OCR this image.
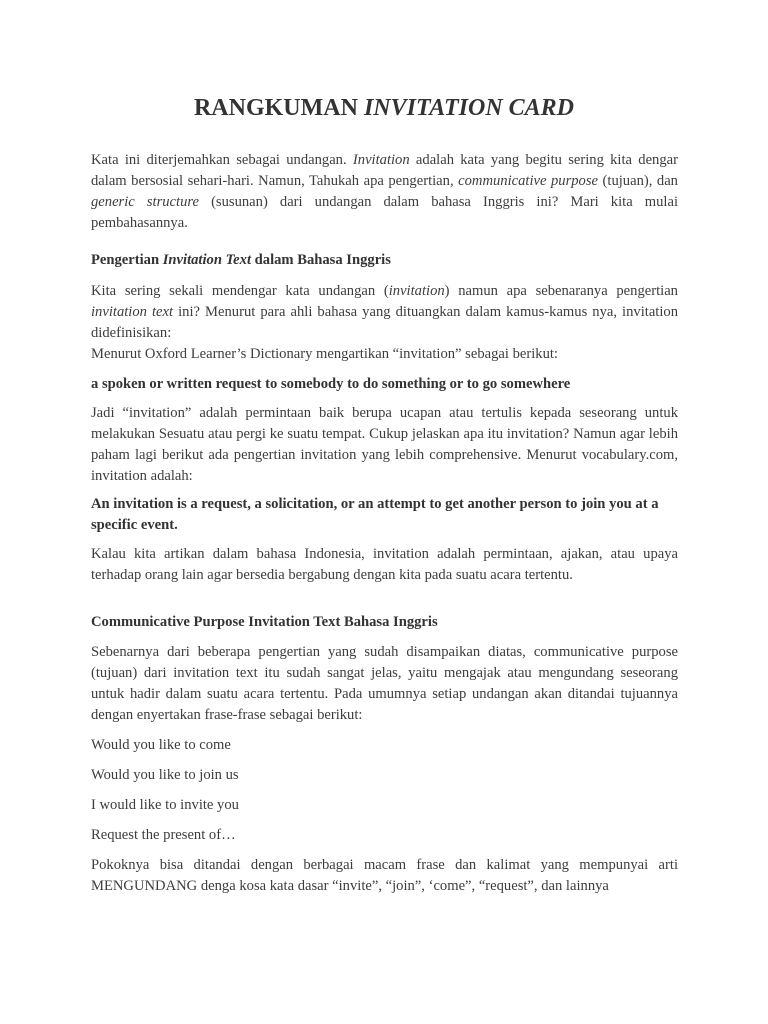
RANGKUMAN INVITATION CARD

Kata ini diterjemahkan sebagai undangan. Invitation adalah kata yang begitu sering kita dengar dalam bersosial sehari-hari. Namun, Tahukah apa pengertian, communicative purpose (tujuan), dan generic structure (susunan) dari undangan dalam bahasa Inggris ini? Mari kita mulai pembahasannya.

Pengertian Invitation Text dalam Bahasa Inggris

Kita sering sekali mendengar kata undangan (invitation) namun apa sebenaranya pengertian invitation text ini? Menurut para ahli bahasa yang dituangkan dalam kamus-kamus nya, invitation didefinisikan:

Menurut Oxford Learner’s Dictionary mengartikan “invitation” sebagai berikut:

a spoken or written request to somebody to do something or to go somewhere

Jadi “invitation” adalah permintaan baik berupa ucapan atau tertulis kepada seseorang untuk melakukan Sesuatu atau pergi ke suatu tempat. Cukup jelaskan apa itu invitation? Namun agar lebih paham lagi berikut ada pengertian invitation yang lebih comprehensive. Menurut vocabulary.com, invitation adalah:

An invitation is a request, a solicitation, or an attempt to get another person to join you at a specific event.

Kalau kita artikan dalam bahasa Indonesia, invitation adalah permintaan, ajakan, atau upaya terhadap orang lain agar bersedia bergabung dengan kita pada suatu acara tertentu.

Communicative Purpose Invitation Text Bahasa Inggris

Sebenarnya dari beberapa pengertian yang sudah disampaikan diatas, communicative purpose (tujuan) dari invitation text itu sudah sangat jelas, yaitu mengajak atau mengundang seseorang untuk hadir dalam suatu acara tertentu. Pada umumnya setiap undangan akan ditandai tujuannya dengan enyertakan frase-frase sebagai berikut:

Would you like to come

Would you like to join us

I would like to invite you

Request the present of…

Pokoknya bisa ditandai dengan berbagai macam frase dan kalimat yang mempunyai arti MENGUNDANG denga kosa kata dasar “invite”, “join”, ‘come”, “request”, dan lainnya
